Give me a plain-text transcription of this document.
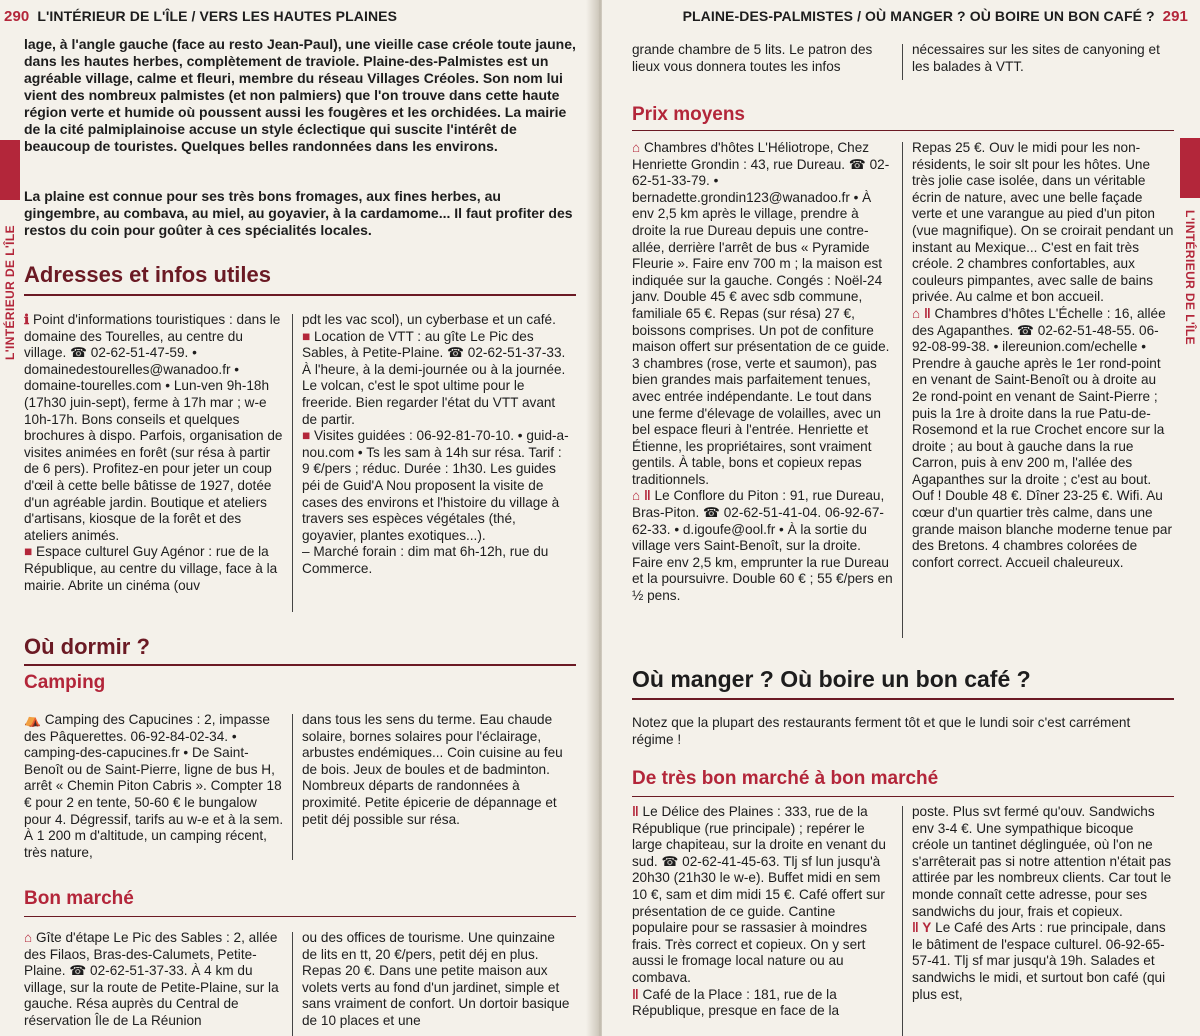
290 L'INTÉRIEUR DE L'ÎLE / VERS LES HAUTES PLAINES
L'INTÉRIEUR DE L'ÎLE

lage, à l'angle gauche (face au resto Jean-Paul), une vieille case créole toute jaune, dans les hautes herbes, complètement de traviole. Plaine-des-Palmistes est un agréable village, calme et fleuri, membre du réseau Villages Créoles. Son nom lui vient des nombreux palmistes (et non palmiers) que l'on trouve dans cette haute région verte et humide où poussent aussi les fougères et les orchidées. La mairie de la cité palmiplainoise accuse un style éclectique qui suscite l'intérêt de beaucoup de touristes. Quelques belles randonnées dans les environs.

La plaine est connue pour ses très bons fromages, aux fines herbes, au gingembre, au combava, au miel, au goyavier, à la cardamome... Il faut profiter des restos du coin pour goûter à ces spécialités locales.

Adresses et infos utiles

ℹ Point d'informations touristiques : dans le domaine des Tourelles, au centre du village. ☎ 02-62-51-47-59. • domainedestourelles@wanadoo.fr • domaine-tourelles.com • Lun-ven 9h-18h (17h30 juin-sept), ferme à 17h mar ; w-e 10h-17h. Bons conseils et quelques brochures à dispo. Parfois, organisation de visites animées en forêt (sur résa à partir de 6 pers). Profitez-en pour jeter un coup d'œil à cette belle bâtisse de 1927, dotée d'un agréable jardin. Boutique et ateliers d'artisans, kiosque de la forêt et des ateliers animés.

■ Espace culturel Guy Agénor : rue de la République, au centre du village, face à la mairie. Abrite un cinéma (ouv

pdt les vac scol), un cyberbase et un café.

■ Location de VTT : au gîte Le Pic des Sables, à Petite-Plaine. ☎ 02-62-51-37-33. À l'heure, à la demi-journée ou à la journée. Le volcan, c'est le spot ultime pour le freeride. Bien regarder l'état du VTT avant de partir.

■ Visites guidées : 06-92-81-70-10. • guid-a-nou.com • Ts les sam à 14h sur résa. Tarif : 9 €/pers ; réduc. Durée : 1h30. Les guides péi de Guid'A Nou proposent la visite de cases des environs et l'histoire du village à travers ses espèces végétales (thé, goyavier, plantes exotiques...).

– Marché forain : dim mat 6h-12h, rue du Commerce.

Où dormir ?
Camping

⛺ Camping des Capucines : 2, impasse des Pâquerettes. 06-92-84-02-34. • camping-des-capucines.fr • De Saint-Benoît ou de Saint-Pierre, ligne de bus H, arrêt « Chemin Piton Cabris ». Compter 18 € pour 2 en tente, 50-60 € le bungalow pour 4. Dégressif, tarifs au w-e et à la sem. À 1 200 m d'altitude, un camping récent, très nature,

dans tous les sens du terme. Eau chaude solaire, bornes solaires pour l'éclairage, arbustes endémiques... Coin cuisine au feu de bois. Jeux de boules et de badminton. Nombreux départs de randonnées à proximité. Petite épicerie de dépannage et petit déj possible sur résa.
Bon marché

⌂ Gîte d'étape Le Pic des Sables : 2, allée des Filaos, Bras-des-Calumets, Petite-Plaine. ☎ 02-62-51-37-33. À 4 km du village, sur la route de Petite-Plaine, sur la gauche. Résa auprès du Central de réservation Île de La Réunion

ou des offices de tourisme. Une quinzaine de lits en tt, 20 €/pers, petit déj en plus. Repas 20 €. Dans une petite maison aux volets verts au fond d'un jardinet, simple et sans vraiment de confort. Un dortoir basique de 10 places et une
PLAINE-DES-PALMISTES / OÙ MANGER ? OÙ BOIRE UN BON CAFÉ ? 291
L'INTÉRIEUR DE L'ÎLE
grande chambre de 5 lits. Le patron des lieux vous donnera toutes les infos
nécessaires sur les sites de canyoning et les balades à VTT.
Prix moyens

⌂ Chambres d'hôtes L'Héliotrope, Chez Henriette Grondin : 43, rue Dureau. ☎ 02-62-51-33-79. • bernadette.grondin123@wanadoo.fr • À env 2,5 km après le village, prendre à droite la rue Dureau depuis une contre-allée, derrière l'arrêt de bus « Pyramide Fleurie ». Faire env 700 m ; la maison est indiquée sur la gauche. Congés : Noël-24 janv. Double 45 € avec sdb commune, familiale 65 €. Repas (sur résa) 27 €, boissons comprises. Un pot de confiture maison offert sur présentation de ce guide. 3 chambres (rose, verte et saumon), pas bien grandes mais parfaitement tenues, avec entrée indépendante. Le tout dans une ferme d'élevage de volailles, avec un bel espace fleuri à l'entrée. Henriette et Étienne, les propriétaires, sont vraiment gentils. À table, bons et copieux repas traditionnels.

⌂ ‖ Le Conflore du Piton : 91, rue Dureau, Bras-Piton. ☎ 02-62-51-41-04. 06-92-67-62-33. • d.igoufe@ool.fr • À la sortie du village vers Saint-Benoît, sur la droite. Faire env 2,5 km, emprunter la rue Dureau et la poursuivre. Double 60 € ; 55 €/pers en ½ pens.

Repas 25 €. Ouv le midi pour les non-résidents, le soir slt pour les hôtes. Une très jolie case isolée, dans un véritable écrin de nature, avec une belle façade verte et une varangue au pied d'un piton (vue magnifique). On se croirait pendant un instant au Mexique... C'est en fait très créole. 2 chambres confortables, aux couleurs pimpantes, avec salle de bains privée. Au calme et bon accueil.

⌂ ‖ Chambres d'hôtes L'Échelle : 16, allée des Agapanthes. ☎ 02-62-51-48-55. 06-92-08-99-38. • ilereunion.com/echelle • Prendre à gauche après le 1er rond-point en venant de Saint-Benoît ou à droite au 2e rond-point en venant de Saint-Pierre ; puis la 1re à droite dans la rue Patu-de-Rosemond et la rue Crochet encore sur la droite ; au bout à gauche dans la rue Carron, puis à env 200 m, l'allée des Agapanthes sur la droite ; c'est au bout. Ouf ! Double 48 €. Dîner 23-25 €. Wifi. Au cœur d'un quartier très calme, dans une grande maison blanche moderne tenue par des Bretons. 4 chambres colorées de confort correct. Accueil chaleureux.

Où manger ? Où boire un bon café ?

Notez que la plupart des restaurants ferment tôt et que le lundi soir c'est carrément régime !

De très bon marché à bon marché

‖ Le Délice des Plaines : 333, rue de la République (rue principale) ; repérer le large chapiteau, sur la droite en venant du sud. ☎ 02-62-41-45-63. Tlj sf lun jusqu'à 20h30 (21h30 le w-e). Buffet midi en sem 10 €, sam et dim midi 15 €. Café offert sur présentation de ce guide. Cantine populaire pour se rassasier à moindres frais. Très correct et copieux. On y sert aussi le fromage local nature ou au combava.

‖ Café de la Place : 181, rue de la République, presque en face de la

poste. Plus svt fermé qu'ouv. Sandwichs env 3-4 €. Une sympathique bicoque créole un tantinet déglinguée, où l'on ne s'arrêterait pas si notre attention n'était pas attirée par les nombreux clients. Car tout le monde connaît cette adresse, pour ses sandwichs du jour, frais et copieux.

‖ Y Le Café des Arts : rue principale, dans le bâtiment de l'espace culturel. 06-92-65-57-41. Tlj sf mar jusqu'à 19h. Salades et sandwichs le midi, et surtout bon café (qui plus est,
